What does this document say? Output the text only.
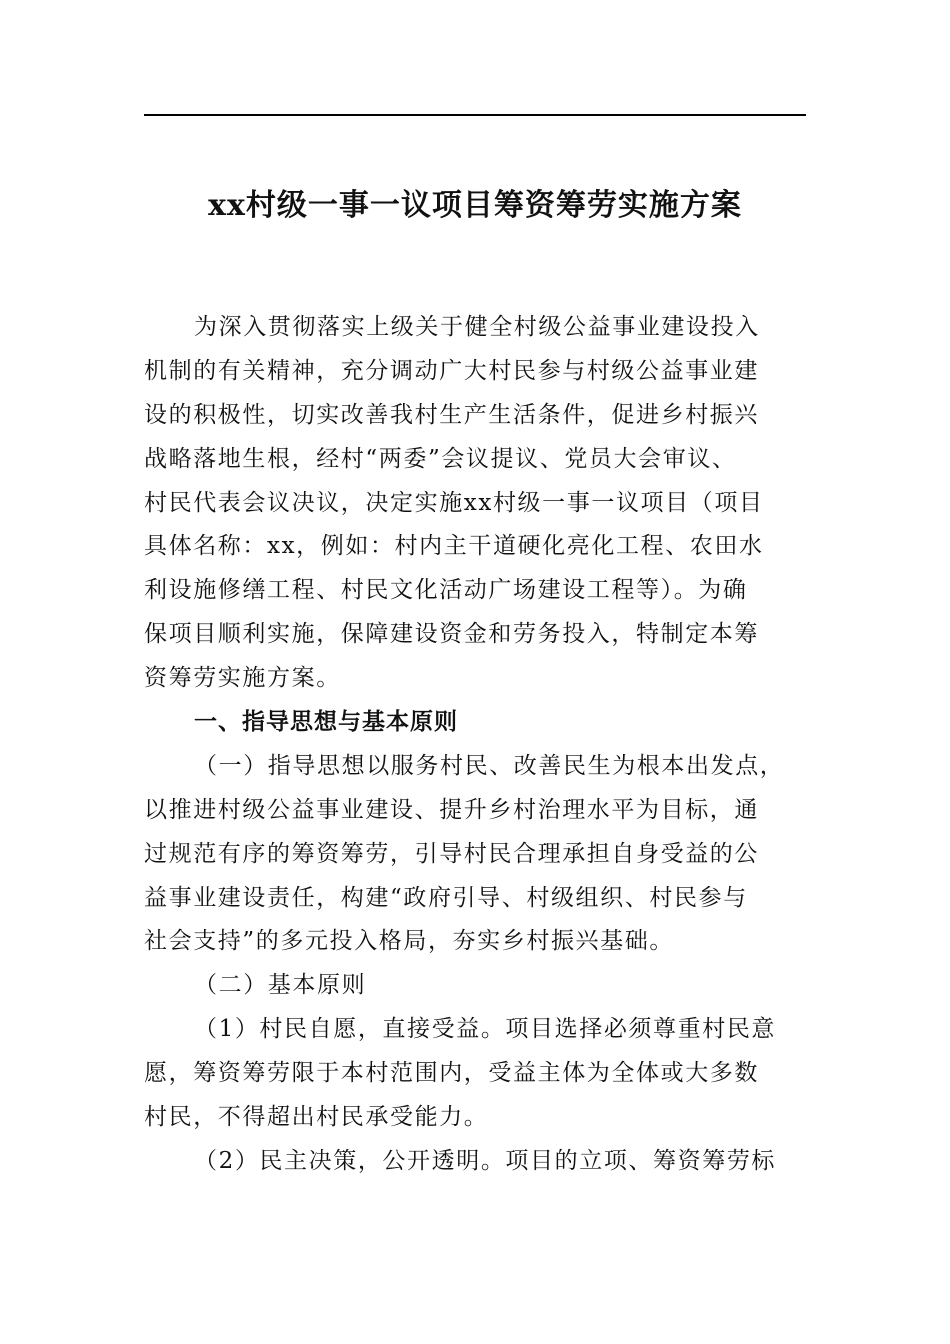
xx村级一事一议项目筹资筹劳实施方案
为深入贯彻落实上级关于健全村级公益事业建设投入
机制的有关精神，充分调动广大村民参与村级公益事业建
设的积极性，切实改善我村生产生活条件，促进乡村振兴
战略落地生根，经村“两委”会议提议、党员大会审议、
村民代表会议决议，决定实施xx村级一事一议项目（项目
具体名称：xx，例如：村内主干道硬化亮化工程、农田水
利设施修缮工程、村民文化活动广场建设工程等）。为确
保项目顺利实施，保障建设资金和劳务投入，特制定本筹
资筹劳实施方案。
一、指导思想与基本原则
（一）指导思想以服务村民、改善民生为根本出发点，
以推进村级公益事业建设、提升乡村治理水平为目标，通
过规范有序的筹资筹劳，引导村民合理承担自身受益的公
益事业建设责任，构建“政府引导、村级组织、村民参与
社会支持”的多元投入格局，夯实乡村振兴基础。
（二）基本原则
（1）村民自愿，直接受益。项目选择必须尊重村民意
愿，筹资筹劳限于本村范围内，受益主体为全体或大多数
村民，不得超出村民承受能力。
（2）民主决策，公开透明。项目的立项、筹资筹劳标
